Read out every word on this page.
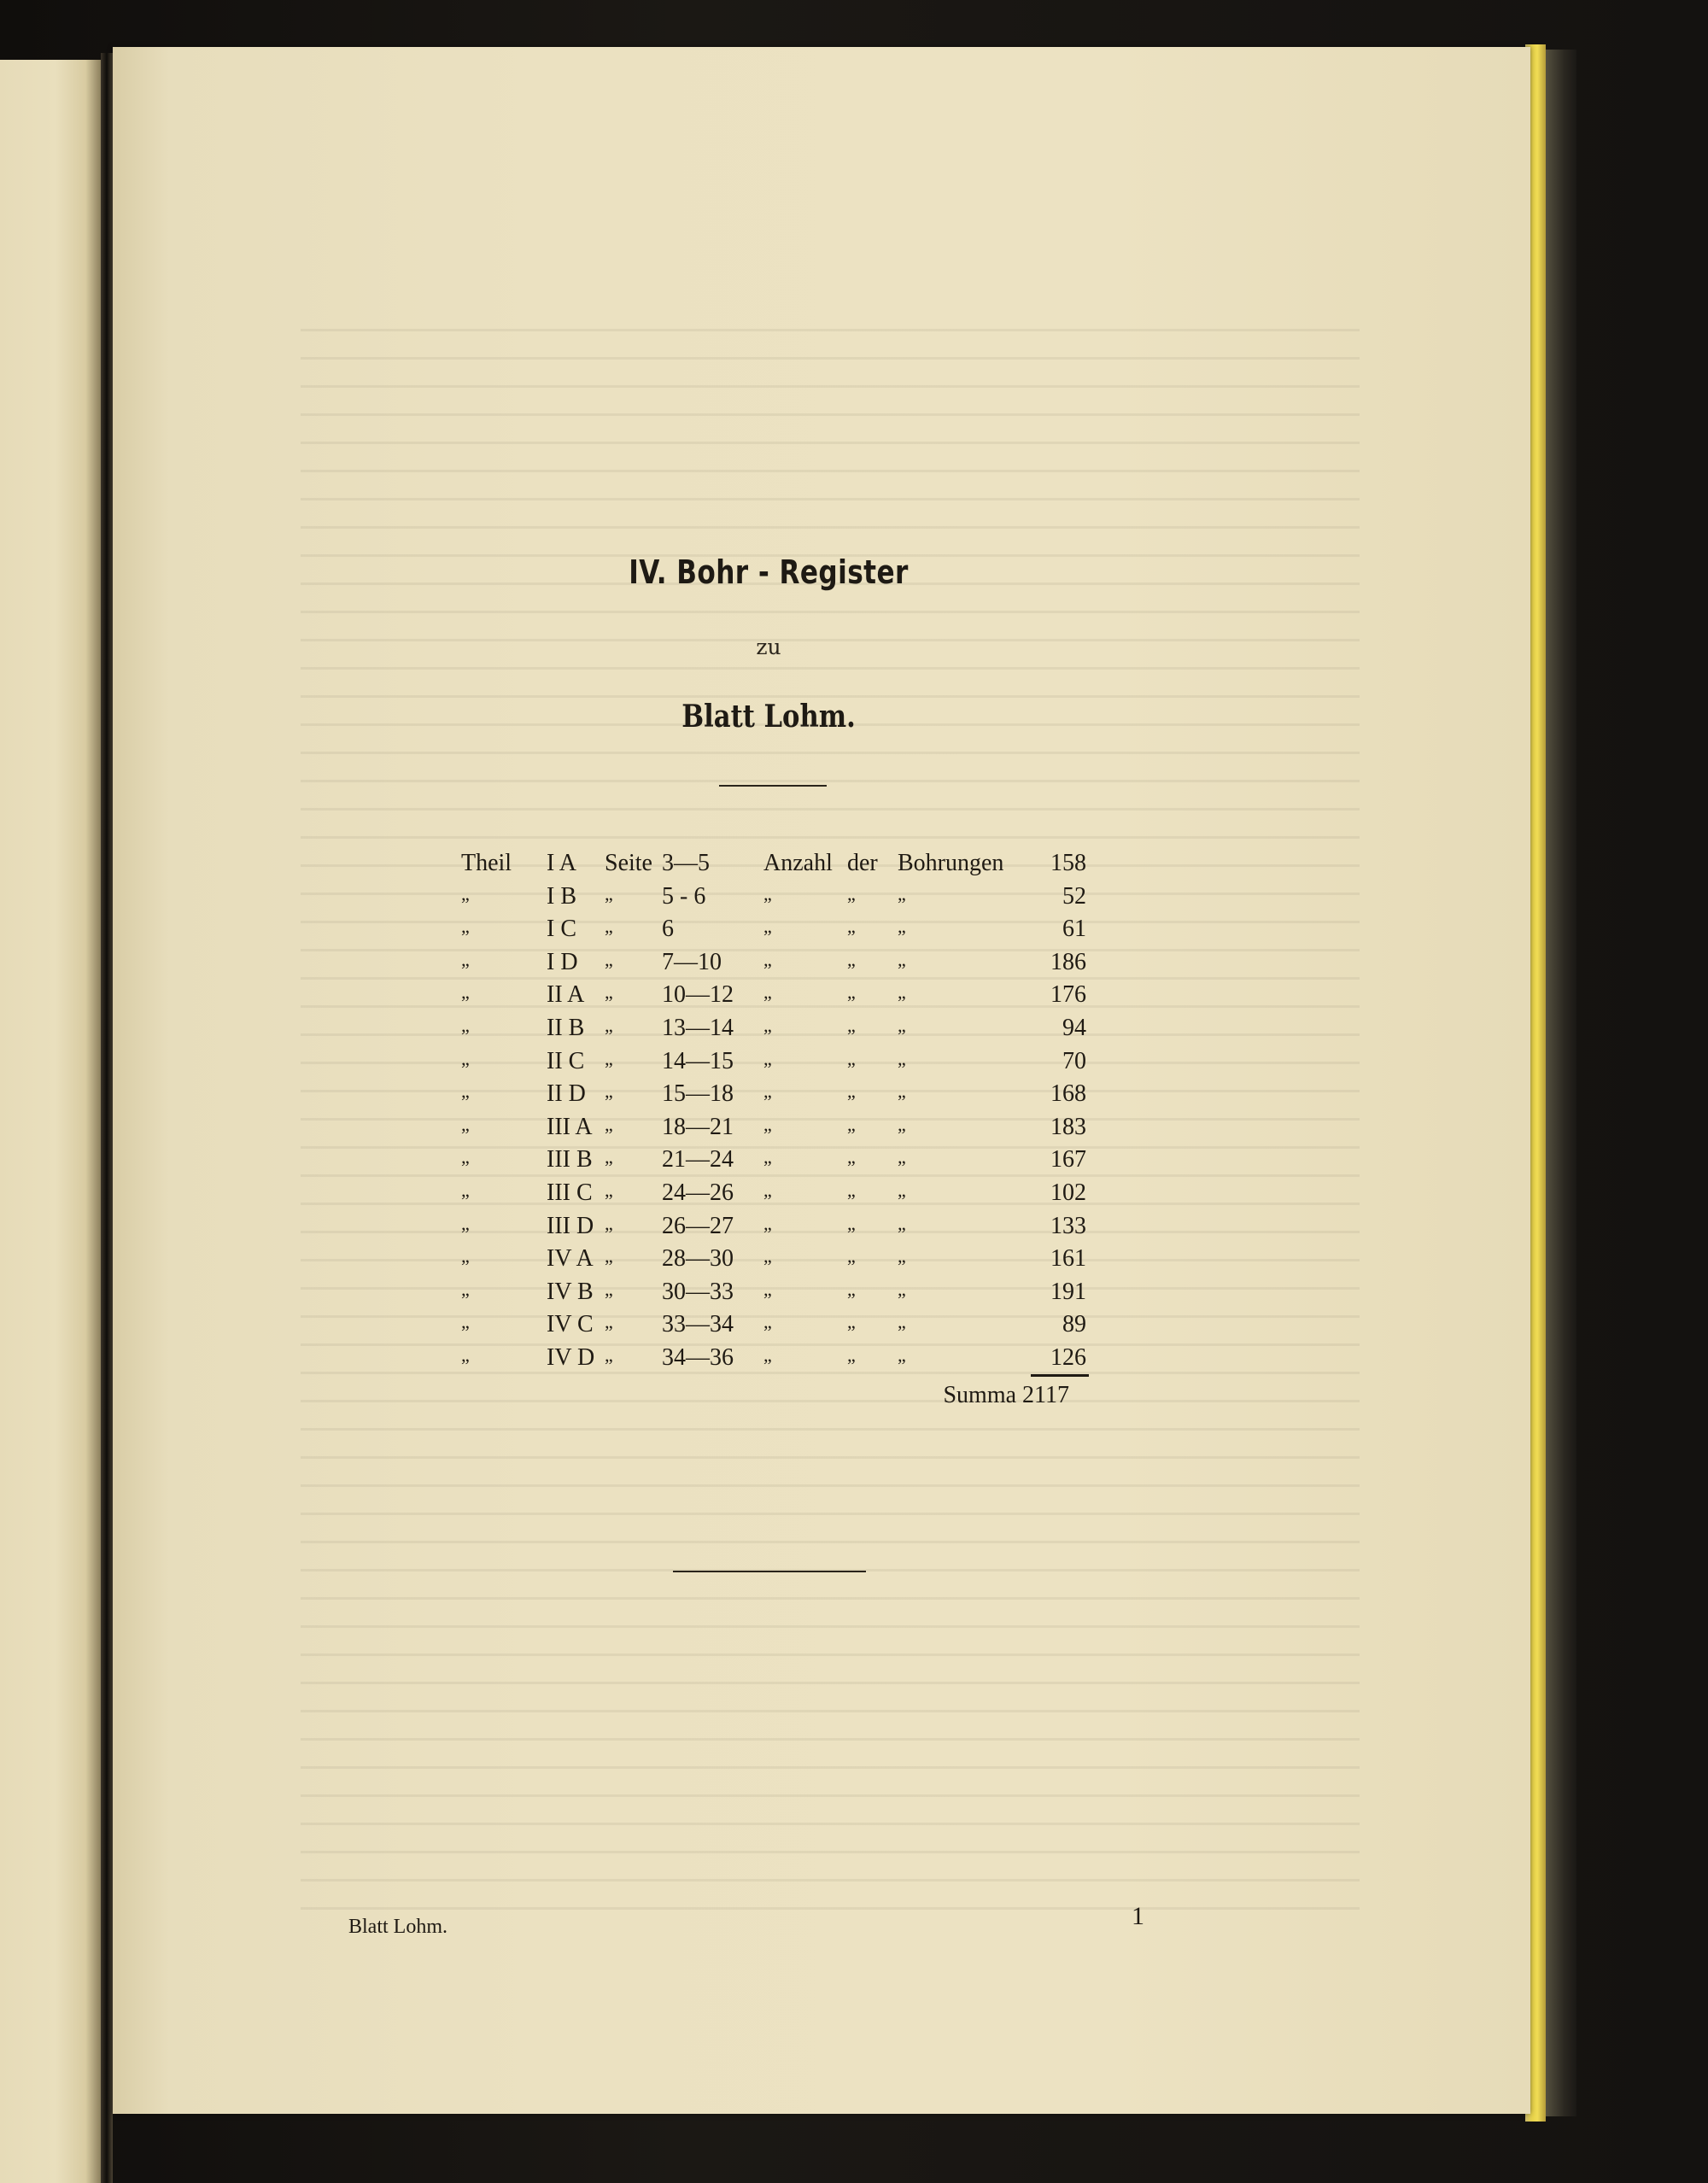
IV. Bohr - Register
zu
Blatt Lohm.
Theil I A Seite 3—5 Anzahl der Bohrungen	158
„	I B „ 5 - 6	„	„ „	52
„	I C „ 6	„	„ „	61
„	I D „ 7—10 „	„ „	186
„	II A „ 10—12 „	„ „	176
„	II B „ 13—14 „	„ „	94
„	II C „ 14—15 „	„ „	70
„	II D „ 15—18 „	„ „	168
„	III A „ 18—21 „	„ „	183
„	III B „ 21—24 „	„ „	167
„	III C „ 24—26 „	„ „	102
„	III D „ 26—27 „	„ „	133
„	IV A „ 28—30 „	„ „	161
„	IV B „ 30—33 „	„ „	191
„	IV C „ 33—34 „	„ „	89
„	IV D „ 34—36 „	„ „	126
Summa 2117
Blatt Lohm.	1
